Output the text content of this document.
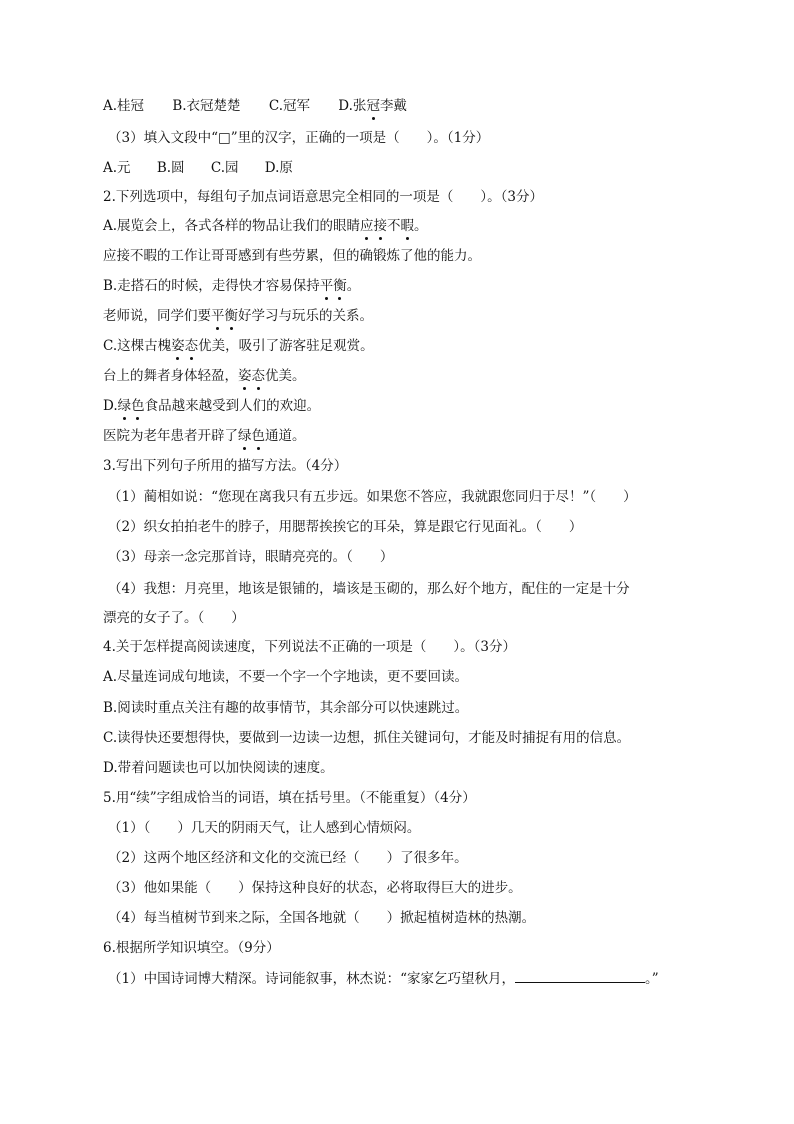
A.桂冠 B.衣冠楚楚 C.冠军 D.张冠李戴
（3）填入文段中“□”里的汉字，正确的一项是（　　）。（1分）
A.元 B.圆 C.园 D.原
2.下列选项中，每组句子加点词语意思完全相同的一项是（　　）。（3分）
A.展览会上，各式各样的物品让我们的眼睛应接不暇。
应接不暇的工作让哥哥感到有些劳累，但的确锻炼了他的能力。
B.走搭石的时候，走得快才容易保持平衡。
老师说，同学们要平衡好学习与玩乐的关系。
C.这棵古槐姿态优美，吸引了游客驻足观赏。
台上的舞者身体轻盈，姿态优美。
D.绿色食品越来越受到人们的欢迎。
医院为老年患者开辟了绿色通道。
3.写出下列句子所用的描写方法。（4分）
（1）蔺相如说：“您现在离我只有五步远。如果您不答应，我就跟您同归于尽！”（　　）
（2）织女拍拍老牛的脖子，用腮帮挨挨它的耳朵，算是跟它行见面礼。（　　）
（3）母亲一念完那首诗，眼睛亮亮的。（　　）
（4）我想：月亮里，地该是银铺的，墙该是玉砌的，那么好个地方，配住的一定是十分
漂亮的女子了。（　　）
4.关于怎样提高阅读速度，下列说法不正确的一项是（　　）。（3分）
A.尽量连词成句地读，不要一个字一个字地读，更不要回读。
B.阅读时重点关注有趣的故事情节，其余部分可以快速跳过。
C.读得快还要想得快，要做到一边读一边想，抓住关键词句，才能及时捕捉有用的信息。
D.带着问题读也可以加快阅读的速度。
5.用“续”字组成恰当的词语，填在括号里。（不能重复）（4分）
（1）（　　）几天的阴雨天气，让人感到心情烦闷。
（2）这两个地区经济和文化的交流已经（　　）了很多年。
（3）他如果能（　　）保持这种良好的状态，必将取得巨大的进步。
（4）每当植树节到来之际，全国各地就（　　）掀起植树造林的热潮。
6.根据所学知识填空。（9分）
（1）中国诗词博大精深。诗词能叙事，林杰说：“家家乞巧望秋月，	。”
